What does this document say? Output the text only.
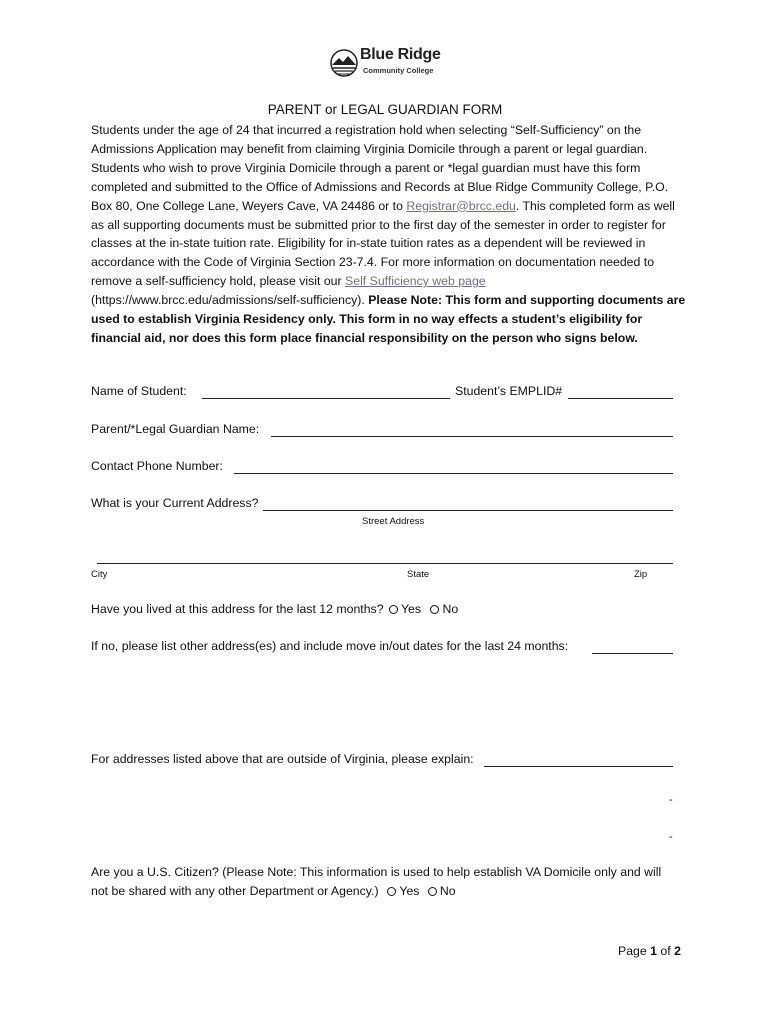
Blue Ridge
Community College
PARENT or LEGAL GUARDIAN FORM
Students under the age of 24 that incurred a registration hold when selecting “Self-Sufficiency” on the Admissions Application may benefit from claiming Virginia Domicile through a parent or legal guardian. Students who wish to prove Virginia Domicile through a parent or *legal guardian must have this form completed and submitted to the Office of Admissions and Records at Blue Ridge Community College, P.O. Box 80, One College Lane, Weyers Cave, VA 24486 or to Registrar@brcc.edu. This completed form as well as all supporting documents must be submitted prior to the first day of the semester in order to register for classes at the in-state tuition rate. Eligibility for in-state tuition rates as a dependent will be reviewed in accordance with the Code of Virginia Section 23-7.4. For more information on documentation needed to remove a self-sufficiency hold, please visit our Self Sufficiency web page (https://www.brcc.edu/admissions/self-sufficiency). Please Note: This form and supporting documents are used to establish Virginia Residency only. This form in no way effects a student’s eligibility for financial aid, nor does this form place financial responsibility on the person who signs below.
Name of Student:	Student’s EMPLID#
Parent/*Legal Guardian Name:
Contact Phone Number:
What is your Current Address?
Street Address
City	State	Zip
Have you lived at this address for the last 12 months? Yes No
If no, please list other address(es) and include move in/out dates for the last 24 months:
For addresses listed above that are outside of Virginia, please explain:
-
-
Are you a U.S. Citizen? (Please Note: This information is used to help establish VA Domicile only and will
not be shared with any other Department or Agency.) Yes No
Page 1 of 2
